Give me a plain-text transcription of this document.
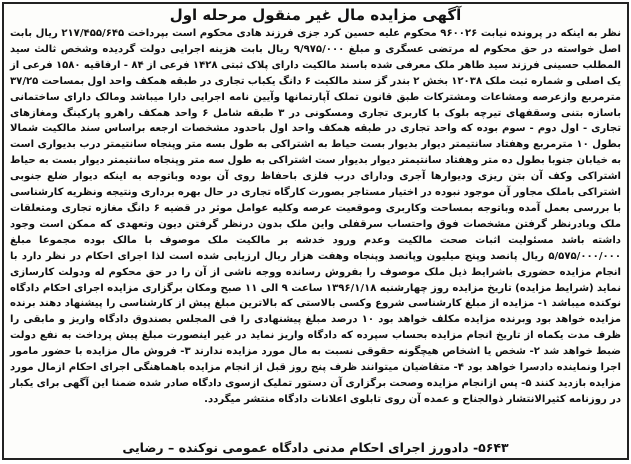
آگهی مزایده مال غیر منقول مرحله اول

نظر به اینکه در پرونده نیابت ۹۶۰۰۲۶ محکوم علیه حسین کرد جزی فرزند هادی محکوم است بپرداخت ۲۱۷/۴۵۵/۶۴۵ ریال بابت اصل خواسته در حق محکوم له مرتضی عسگری و مبلغ ۹/۹۷۵/۰۰۰ ریال بابت هزینه اجرایی دولت گردیده وشخص ثالث سید المطلب حسینی فرزند سید طاهر ملک معرفی شده باسند مالکیت دارای پلاک ثبتی ۱۴۲۸ فرعی از ۸۴ - ارفاقیه ۱۵۸۰ فرعی از یک اصلی و شماره ثبت ملک ۱۲۰۳۸ بخش ۲ بندر گز سند مالکیت ۶ دانگ یکباب تجاری در طبقه همکف واحد اول بمساحت ۳۷/۲۵ مترمربع وازعرصه ومشاعات ومشترکات طبق قانون تملک آپارتمانها وآیین نامه اجرایی دارا میباشد ومالک دارای ساختمانی باسازه بتنی وسقفهای تیرچه بلوک با کاربری تجاری ومسکونی در ۳ طبقه شامل ۶ واحد همکف راهرو پارکینگ ومغازهای تجاری - اول دوم - سوم بوده که واحد تجاری در طبقه همکف واحد اول باحدود مشخصات ارجعه براساس سند مالکیت شمالا بطول ۱۰ مترمربع وهفتاد سانتیمتر دیوار بدیوار بست حیاط به اشتراکی به طول بسه متر وپنجاه سانتیمتر درب بدیواری است به خیابان جنوبا بطول ده متر وهفتاد سانتیمتر دیوار بدیوار ست اشتراکی به طول سه متر وپنجاه سانتیمتر دیوار بست به حیاط اشتراکی وکف آن بتن ریزی ودیوارها آجری ودارای درب فلزی باحفاظ روی آن بوده وباتوجه به اینکه دیوار ضلع جنوبی اشتراکی باملک مجاور آن موجود نبوده در اختیار مستاجر بصورت کارگاه تجاری در حال بهره برداری ونتیجه ونظریه کارشناسی با بررسی بعمل آمده وباتوجه بمساحت وکاربری وموقعیت عرصه وکلیه عوامل موثر در قضیه ۶ دانگ مغازه تجاری ومتعلقات ملک وبادرنظر گرفتن مشخصات فوق واحتساب سرقفلی واین ملک بدون درنظر گرفتن دیون وتعهدی که ممکن است وجود داشته باشد مسئولیت اثبات صحت مالکیت وعدم ورود خدشه بر مالکیت ملک موصوف با مالک بوده مجموعا مبلغ ۵/۵۷۵/۰۰۰/۰۰۰ ریال پانصد وپنج میلیون وپانصد وپنجاه وهفت هزار ریال ارزیابی شده است لذا اجرای احکام در نظر دارد با انجام مزایده حضوری باشرایط ذیل ملک موصوف را بفروش رسانده ووجه ناشی از آن را در حق محکوم له ودولت کارسازی نماید (شرایط مزایده) تاریخ مزایده روز چهارشنبه ۱۳۹۶/۱/۱۸ ساعت ۹ الی ۱۱ صبح ومکان برگزاری مزایده اجرای احکام دادگاه نوکنده میباشد ۱- مزایده از مبلغ کارشناسی شروع وکسی بالاستی که بالاترین مبلغ پیش از کارشناسی را پیشنهاد دهند برنده مزایده خواهد بود وبرنده مزایده مکلف خواهد بود ۱۰ درصد مبلغ پیشنهادی را فی المجلس بصندوق دادگاه واریز و مابقی را ظرف مدت یکماه از تاریخ انجام مزایده بحساب سپرده که دادگاه واریز نماید در غیر اینصورت مبلغ پیش پرداخت به نفع دولت ضبط خواهد شد ۲- شخص یا اشخاص هیچگونه حقوقی نسبت به مال مورد مزایده ندارند ۳- فروش مال مزایده با حضور مامور اجرا ونماینده دادسرا خواهد بود ۴- متقاضیان میتوانند ظرف پنج روز قبل از انجام مزایده باهماهنگی اجرای احکام ازمال مورد مزایده بازدید کنند ۵- پس ازانجام مزایده وصحت برگزاری آن دستور تملیک ازسوی دادگاه صادر شده ضمنا این آگهی برای یکبار در روزنامه کثیرالانتشار ذوالجناح و عمده آن روی تابلوی اعلانات دادگاه منتشر میگردد.

۵۶۴۳- دادورز اجرای احکام مدنی دادگاه عمومی نوکنده – رضایی
